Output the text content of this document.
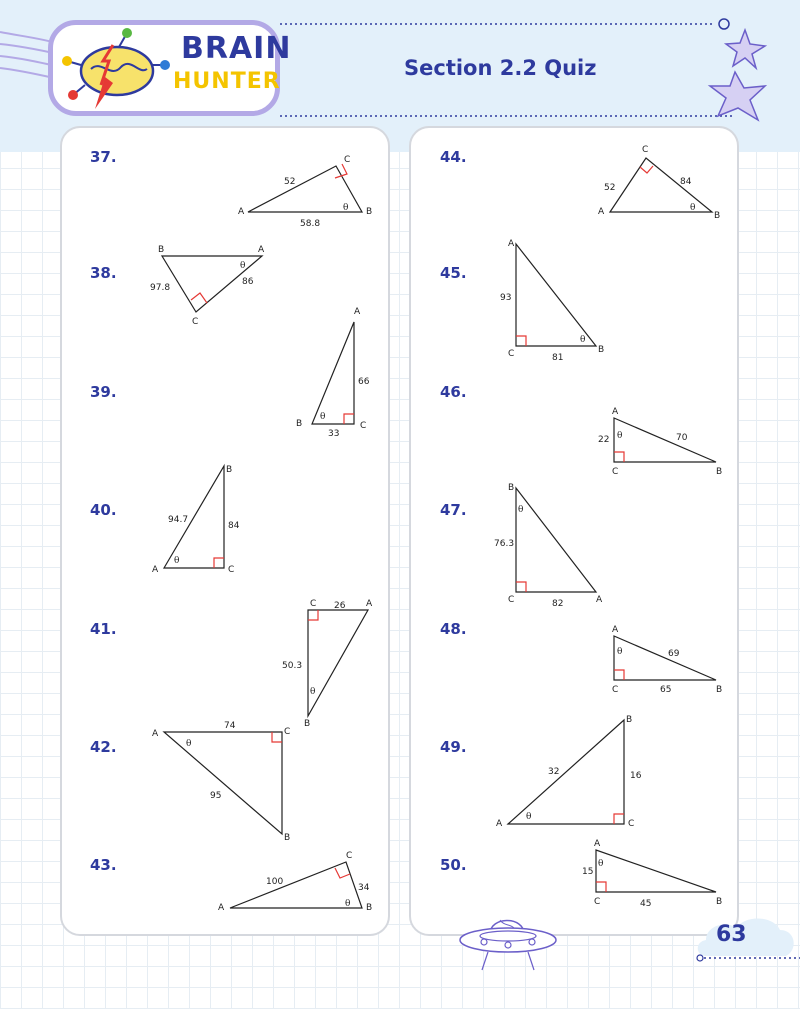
BRAIN
HUNTER
Section 2.2 Quiz
37.
38.
39.
40.
41.
42.
43.
44.
45.
46.
47.
48.
49.
50.
A
C
B
52
58.8
θ
B	A
C
97.8
86
θ
A
B	C
66
33
θ
A
B
C
94.7
84
θ
C	A
B
26
50.3
θ
A	C
B
74
95
θ
A
C
B
100
34
θ
A
C
B
52
84
θ
A
C	B
93
81
θ
A
C	B
22	70
θ
B
C	A
76.3
82
θ
A
C	B
69
65
θ
A
B
C
32	16
θ
A
C	B
15
45
θ
63
